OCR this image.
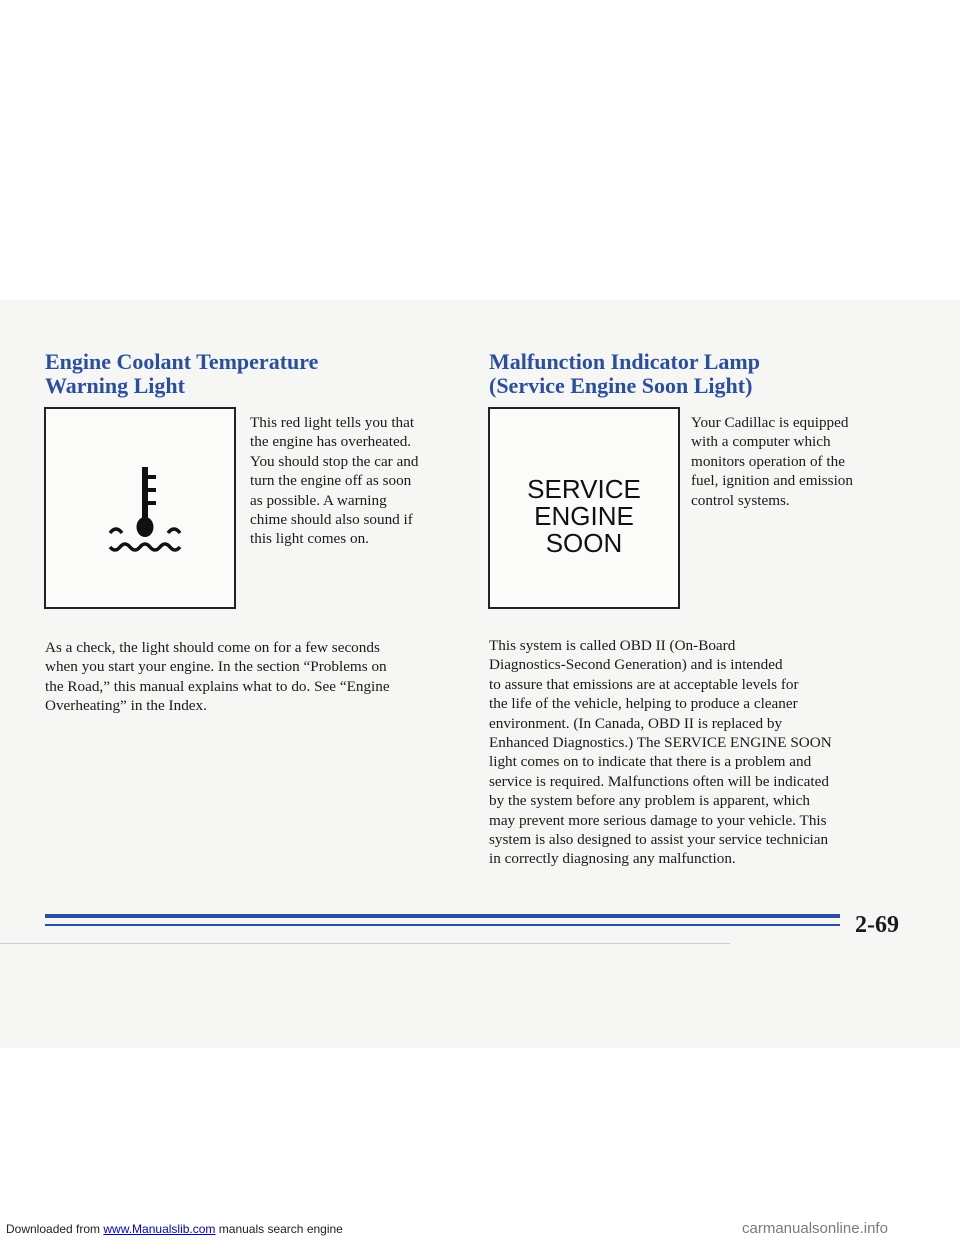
Engine Coolant Temperature
Warning Light
This red light tells you that
the engine has overheated.
You should stop the car and
turn the engine off as soon
as possible. A warning
chime should also sound if
this light comes on.
As a check, the light should come on for a few seconds
when you start your engine. In the section “Problems on
the Road,” this manual explains what to do. See “Engine
Overheating” in the Index.
Malfunction Indicator Lamp
(Service Engine Soon Light)
SERVICE
ENGINE
SOON
Your Cadillac is equipped
with a computer which
monitors operation of the
fuel, ignition and emission
control systems.
This system is called OBD II (On-Board
Diagnostics-Second Generation) and is intended
to assure that emissions are at acceptable levels for
the life of the vehicle, helping to produce a cleaner
environment. (In Canada, OBD II is replaced by
Enhanced Diagnostics.) The SERVICE ENGINE SOON
light comes on to indicate that there is a problem and
service is required. Malfunctions often will be indicated
by the system before any problem is apparent, which
may prevent more serious damage to your vehicle. This
system is also designed to assist your service technician
in correctly diagnosing any malfunction.
2-69
Downloaded from www.Manualslib.com manuals search engine	carmanualsonline.info
